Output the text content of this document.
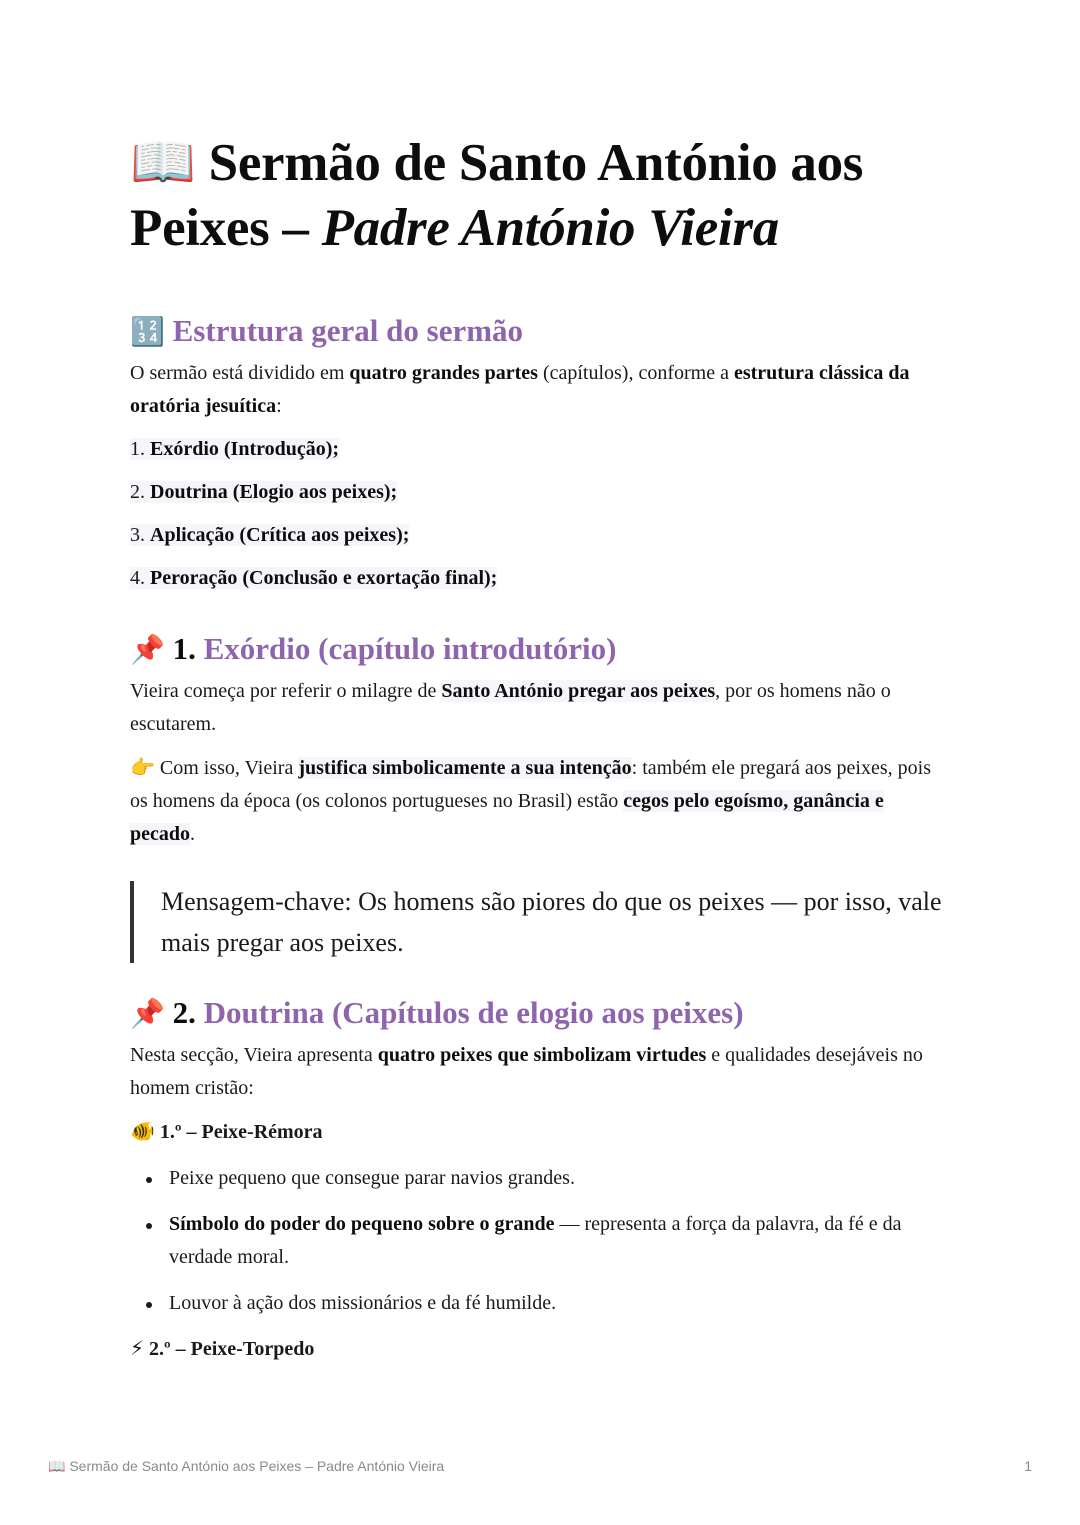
📖 Sermão de Santo António aos Peixes – Padre António Vieira
🔢 Estrutura geral do sermão

O sermão está dividido em quatro grandes partes (capítulos), conforme a estrutura clássica da oratória jesuítica:

1. Exórdio (Introdução);
2. Doutrina (Elogio aos peixes);
3. Aplicação (Crítica aos peixes);
4. Peroração (Conclusão e exortação final);
📌 1. Exórdio (capítulo introdutório)

Vieira começa por referir o milagre de Santo António pregar aos peixes, por os homens não o escutarem.

👉 Com isso, Vieira justifica simbolicamente a sua intenção: também ele pregará aos peixes, pois os homens da época (os colonos portugueses no Brasil) estão cegos pelo egoísmo, ganância e pecado.

Mensagem-chave: Os homens são piores do que os peixes — por isso, vale mais pregar aos peixes.
📌 2. Doutrina (Capítulos de elogio aos peixes)

Nesta secção, Vieira apresenta quatro peixes que simbolizam virtudes e qualidades desejáveis no homem cristão:

🐠 1.º – Peixe-Rémora
Peixe pequeno que consegue parar navios grandes.
Símbolo do poder do pequeno sobre o grande — representa a força da palavra, da fé e da verdade moral.
Louvor à ação dos missionários e da fé humilde.
⚡ 2.º – Peixe-Torpedo
📖 Sermão de Santo António aos Peixes – Padre António Vieira	1
